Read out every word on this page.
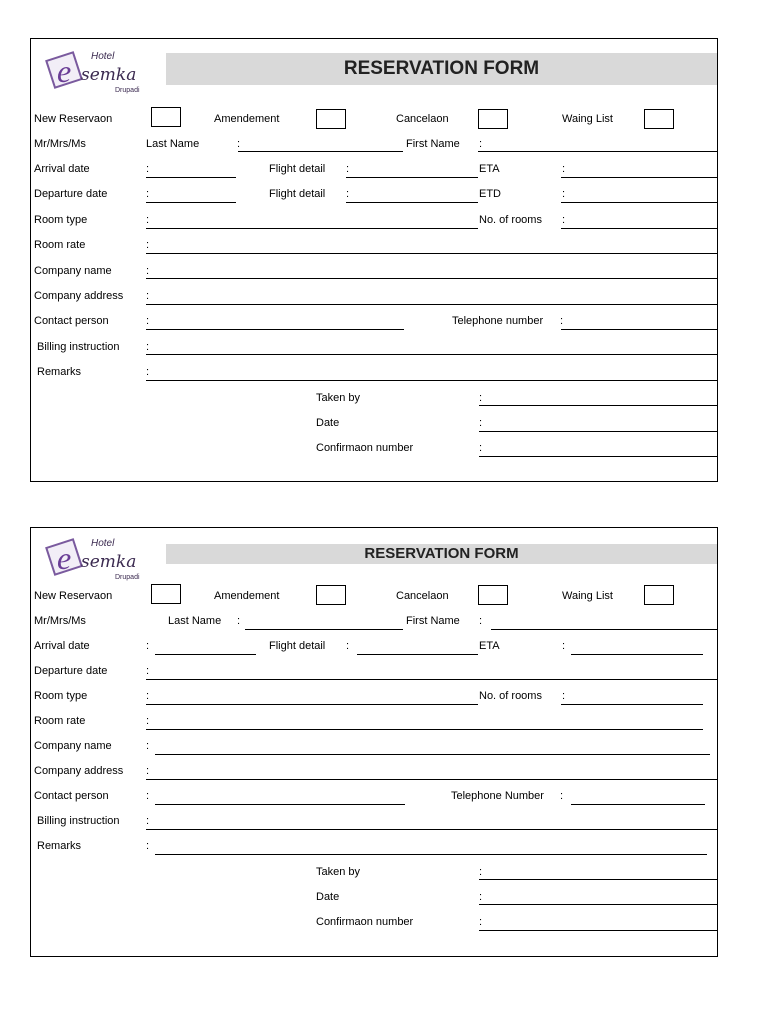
Hotel
e semka
Drupadi
RESERVATION FORM
New Reservaon	Amendement	Cancelaon	Waing List
Mr/Mrs/Ms	Last Name	:	First Name :
Arrival date	:	Flight detail :	ETA	:
Departure date	:	Flight detail :	ETD	:
Room type	:	No. of rooms :
Room rate	:
Company name	:
Company address :
Contact person	:	Telephone number :
Billing instruction :
Remarks	:
Taken by	:
Date	:
Confirmaon number	:
Hotel
e semka
Drupadi
RESERVATION FORM
New Reservaon	Amendement	Cancelaon	Waing List
Mr/Mrs/Ms	Last Name :	First Name :
Arrival date	:	Flight detail :	ETA	:
Departure date	:
Room type	:	No. of rooms :
Room rate	:
Company name	:
Company address :
Contact person	:	Telephone Number :
Billing instruction :
Remarks	:
Taken by	:
Date	:
Confirmaon number	:
